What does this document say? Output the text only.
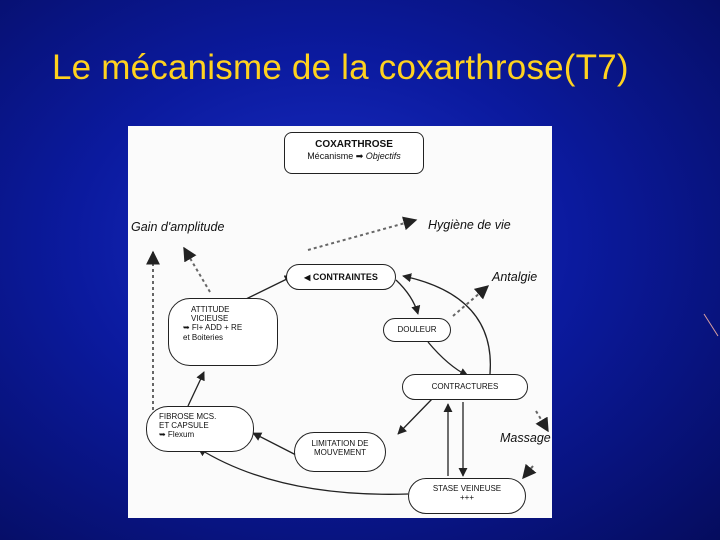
Le mécanisme de la coxarthrose(T7)
COXARTHROSE
Mécanisme ➡ Objectifs
Gain d'amplitude	Hygiène de vie
Antalgie
Massage
◀ CONTRAINTES
DOULEUR
CONTRACTURES
ATTITUDE
VICIEUSE
➥ Fl+ ADD + RE
et Boiteries
FIBROSE MCS.
ET CAPSULE
➥ Flexum
LIMITATION DE
MOUVEMENT
STASE VEINEUSE
+++
